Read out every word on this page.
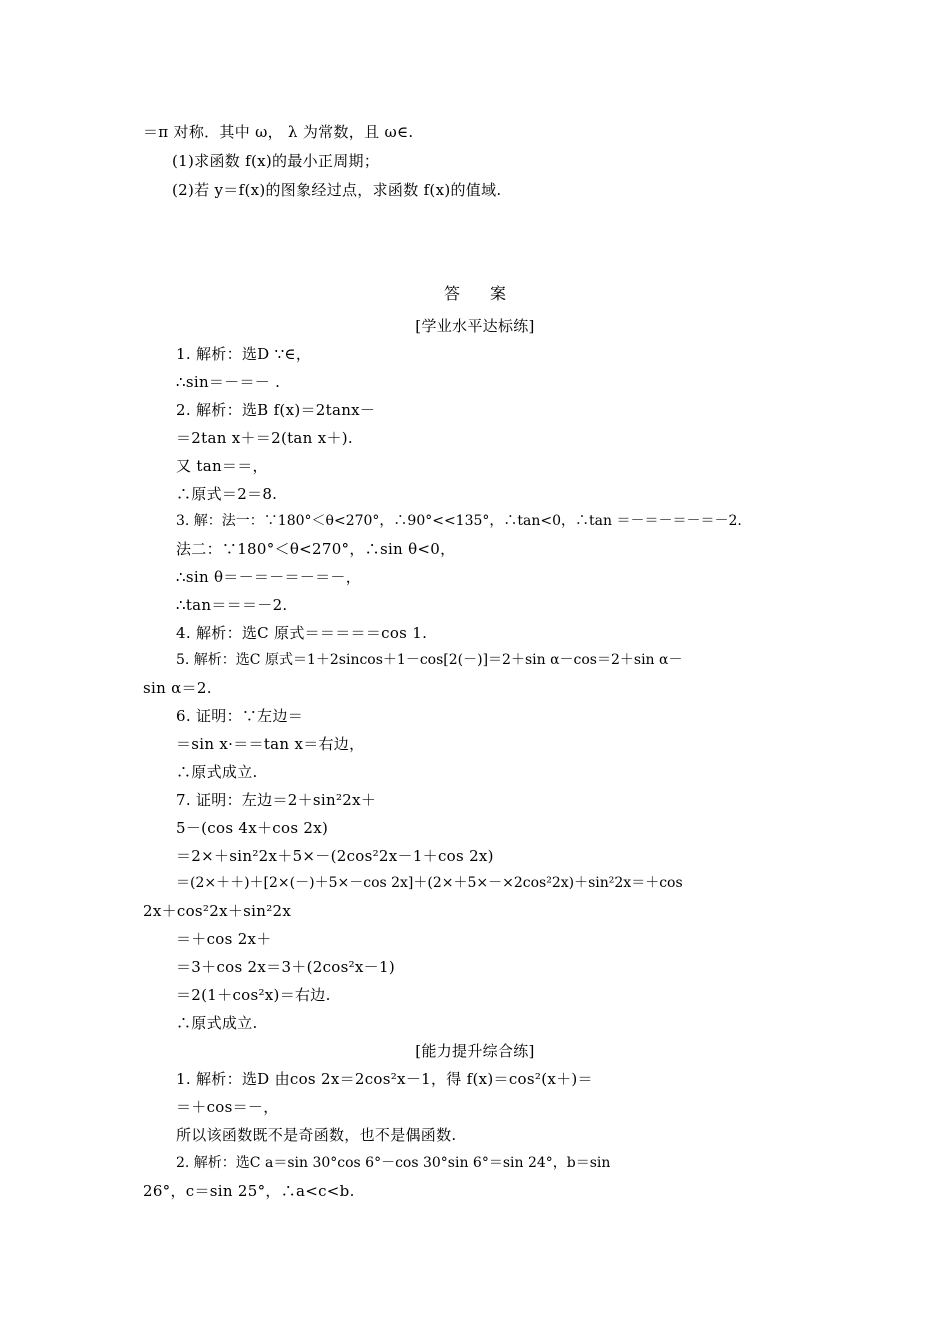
＝π 对称．其中 ω， λ 为常数，且 ω∈.
(1)求函数 f(x)的最小正周期；
(2)若 y＝f(x)的图象经过点，求函数 f(x)的值域.
答案
[学业水平达标练]
1. 解析：选D ∵∈，
∴sin＝－＝－ .
2. 解析：选B f(x)＝2tanx－
＝2tan x＋＝2(tan x＋).
又 tan＝＝，
∴原式＝2＝8.
3. 解：法一：∵180°＜θ<270°，∴90°<<135°，∴tan<0，∴tan ＝－＝－＝－＝－2.
法二：∵180°＜θ<270°，∴sin θ<0，
∴sin θ＝－＝－＝－＝－，
∴tan＝＝＝－2.
4. 解析：选C 原式＝＝＝＝＝cos 1.
5. 解析：选C 原式＝1＋2sincos＋1－cos[2(－)]＝2＋sin α－cos＝2＋sin α－
sin α＝2.
6. 证明：∵左边＝
＝sin x·＝＝tan x＝右边，
∴原式成立.
7. 证明：左边＝2＋sin²2x＋
5－(cos 4x＋cos 2x)
＝2×＋sin²2x＋5×－(2cos²2x－1＋cos 2x)
＝(2×＋＋)＋[2×(－)＋5×－cos 2x]＋(2×＋5×－×2cos²2x)＋sin²2x＝＋cos
2x＋cos²2x＋sin²2x
＝＋cos 2x＋
＝3＋cos 2x＝3＋(2cos²x－1)
＝2(1＋cos²x)＝右边.
∴原式成立.
[能力提升综合练]
1. 解析：选D 由cos 2x＝2cos²x－1，得 f(x)＝cos²(x＋)＝
＝＋cos＝－，
所以该函数既不是奇函数，也不是偶函数.
2. 解析：选C a＝sin 30°cos 6°－cos 30°sin 6°＝sin 24°，b＝sin
26°，c＝sin 25°，∴a<c<b.
